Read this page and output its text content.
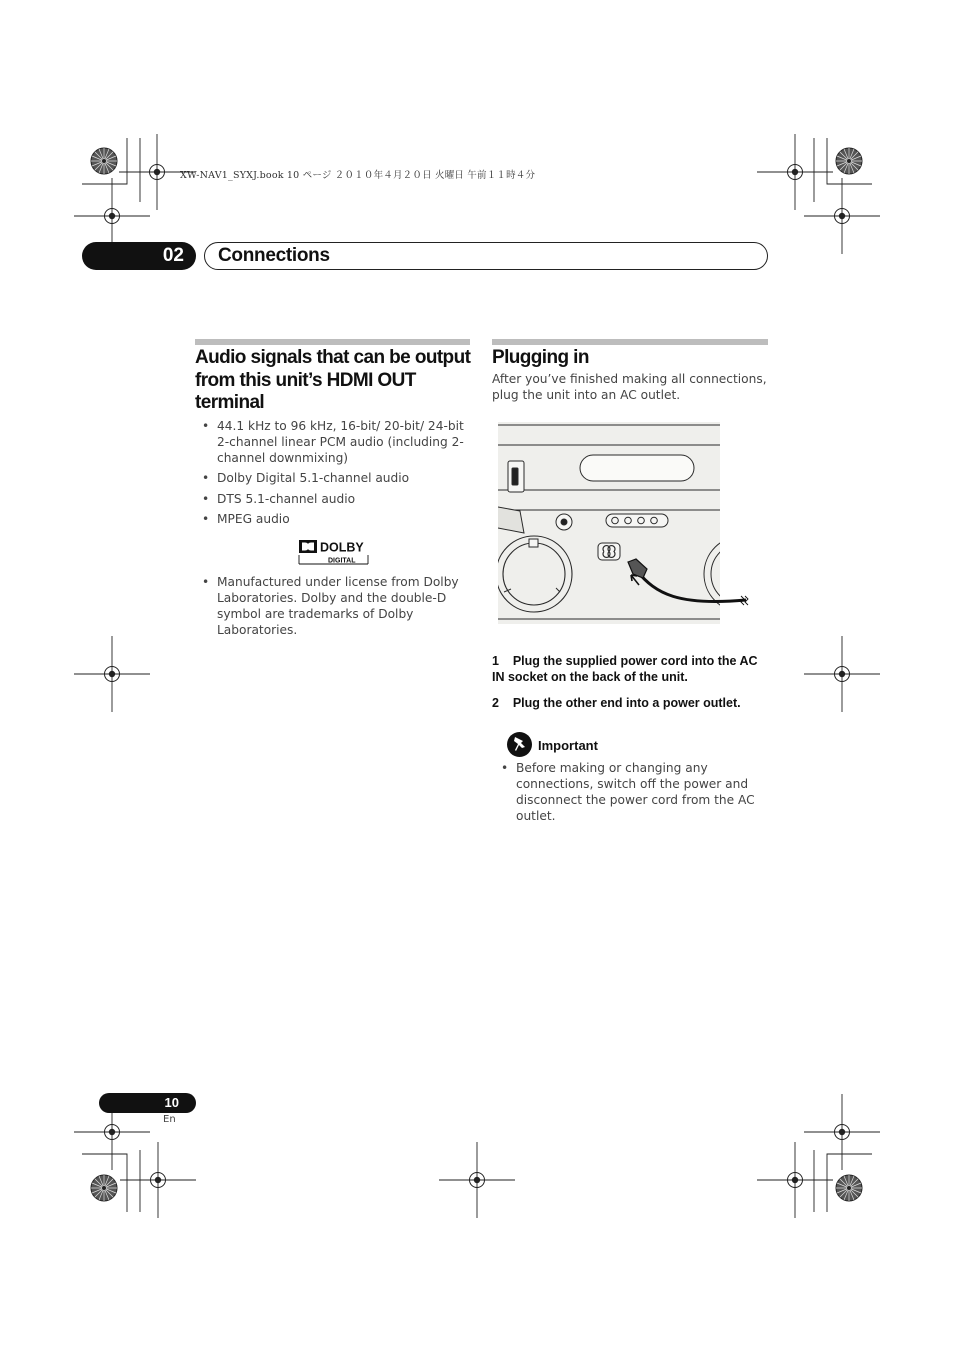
XW-NAV1_SYXJ.book 10 ページ ２０１０年４月２０日 火曜日 午前１１時４分
02	Connections
Audio signals that can be output
from this unit’s HDMI OUT
terminal
• 44.1 kHz to 96 kHz, 16-bit/ 20-bit/ 24-bit 2-channel linear PCM audio (including 2-channel downmixing)
• Dolby Digital 5.1-channel audio
• DTS 5.1-channel audio
• MPEG audio
DOLBY
DIGITAL
• Manufactured under license from Dolby Laboratories. Dolby and the double-D symbol are trademarks of Dolby Laboratories.
Plugging in
After you’ve finished making all connections, plug the unit into an AC outlet.
1    Plug the supplied power cord into the AC IN socket on the back of the unit.
2    Plug the other end into a power outlet.
Important
• Before making or changing any connections, switch off the power and disconnect the power cord from the AC outlet.
10
En
